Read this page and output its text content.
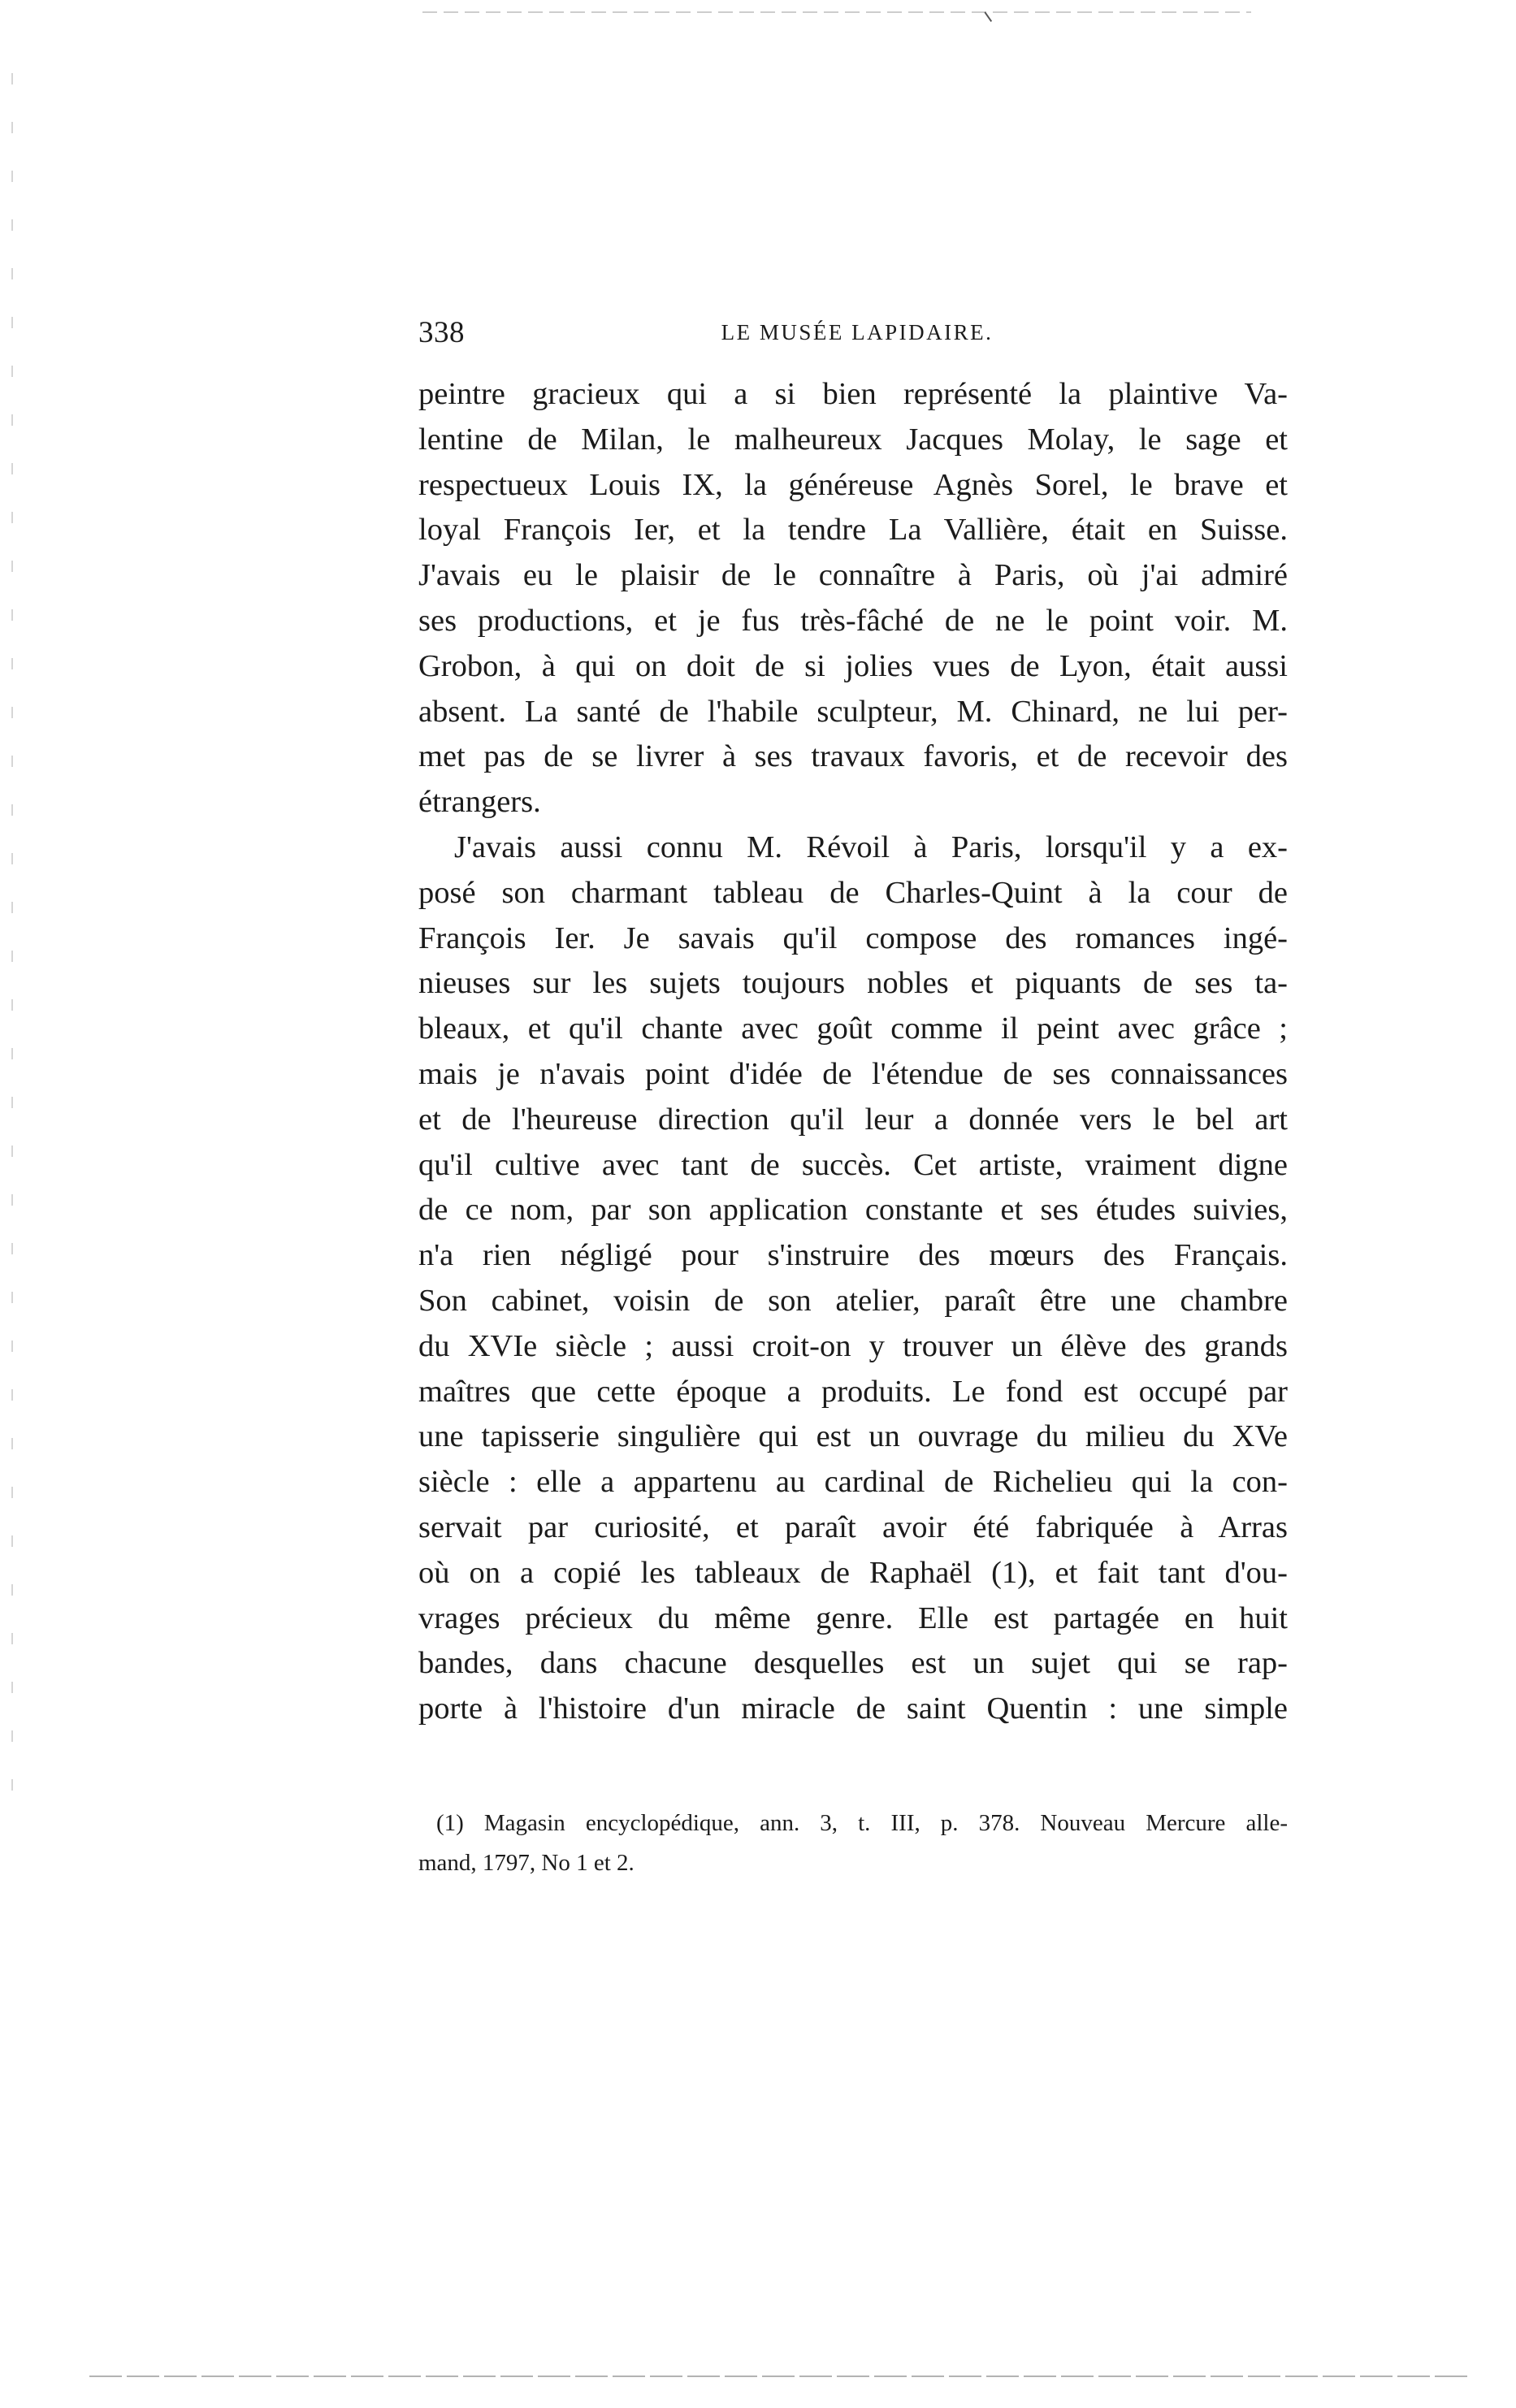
338	LE MUSÉE LAPIDAIRE.
peintre gracieux qui a si bien représenté la plaintive Va-
lentine de Milan, le malheureux Jacques Molay, le sage et
respectueux Louis IX, la généreuse Agnès Sorel, le brave et
loyal François Ier, et la tendre La Vallière, était en Suisse.
J'avais eu le plaisir de le connaître à Paris, où j'ai admiré
ses productions, et je fus très-fâché de ne le point voir. M.
Grobon, à qui on doit de si jolies vues de Lyon, était aussi
absent. La santé de l'habile sculpteur, M. Chinard, ne lui per-
met pas de se livrer à ses travaux favoris, et de recevoir des
étrangers.
J'avais aussi connu M. Révoil à Paris, lorsqu'il y a ex-
posé son charmant tableau de Charles-Quint à la cour de
François Ier. Je savais qu'il compose des romances ingé-
nieuses sur les sujets toujours nobles et piquants de ses ta-
bleaux, et qu'il chante avec goût comme il peint avec grâce ;
mais je n'avais point d'idée de l'étendue de ses connaissances
et de l'heureuse direction qu'il leur a donnée vers le bel art
qu'il cultive avec tant de succès. Cet artiste, vraiment digne
de ce nom, par son application constante et ses études suivies,
n'a rien négligé pour s'instruire des mœurs des Français.
Son cabinet, voisin de son atelier, paraît être une chambre
du XVIe siècle ; aussi croit-on y trouver un élève des grands
maîtres que cette époque a produits. Le fond est occupé par
une tapisserie singulière qui est un ouvrage du milieu du XVe
siècle : elle a appartenu au cardinal de Richelieu qui la con-
servait par curiosité, et paraît avoir été fabriquée à Arras
où on a copié les tableaux de Raphaël (1), et fait tant d'ou-
vrages précieux du même genre. Elle est partagée en huit
bandes, dans chacune desquelles est un sujet qui se rap-
porte à l'histoire d'un miracle de saint Quentin : une simple
(1) Magasin encyclopédique, ann. 3, t. III, p. 378. Nouveau Mercure alle-
mand, 1797, No 1 et 2.
